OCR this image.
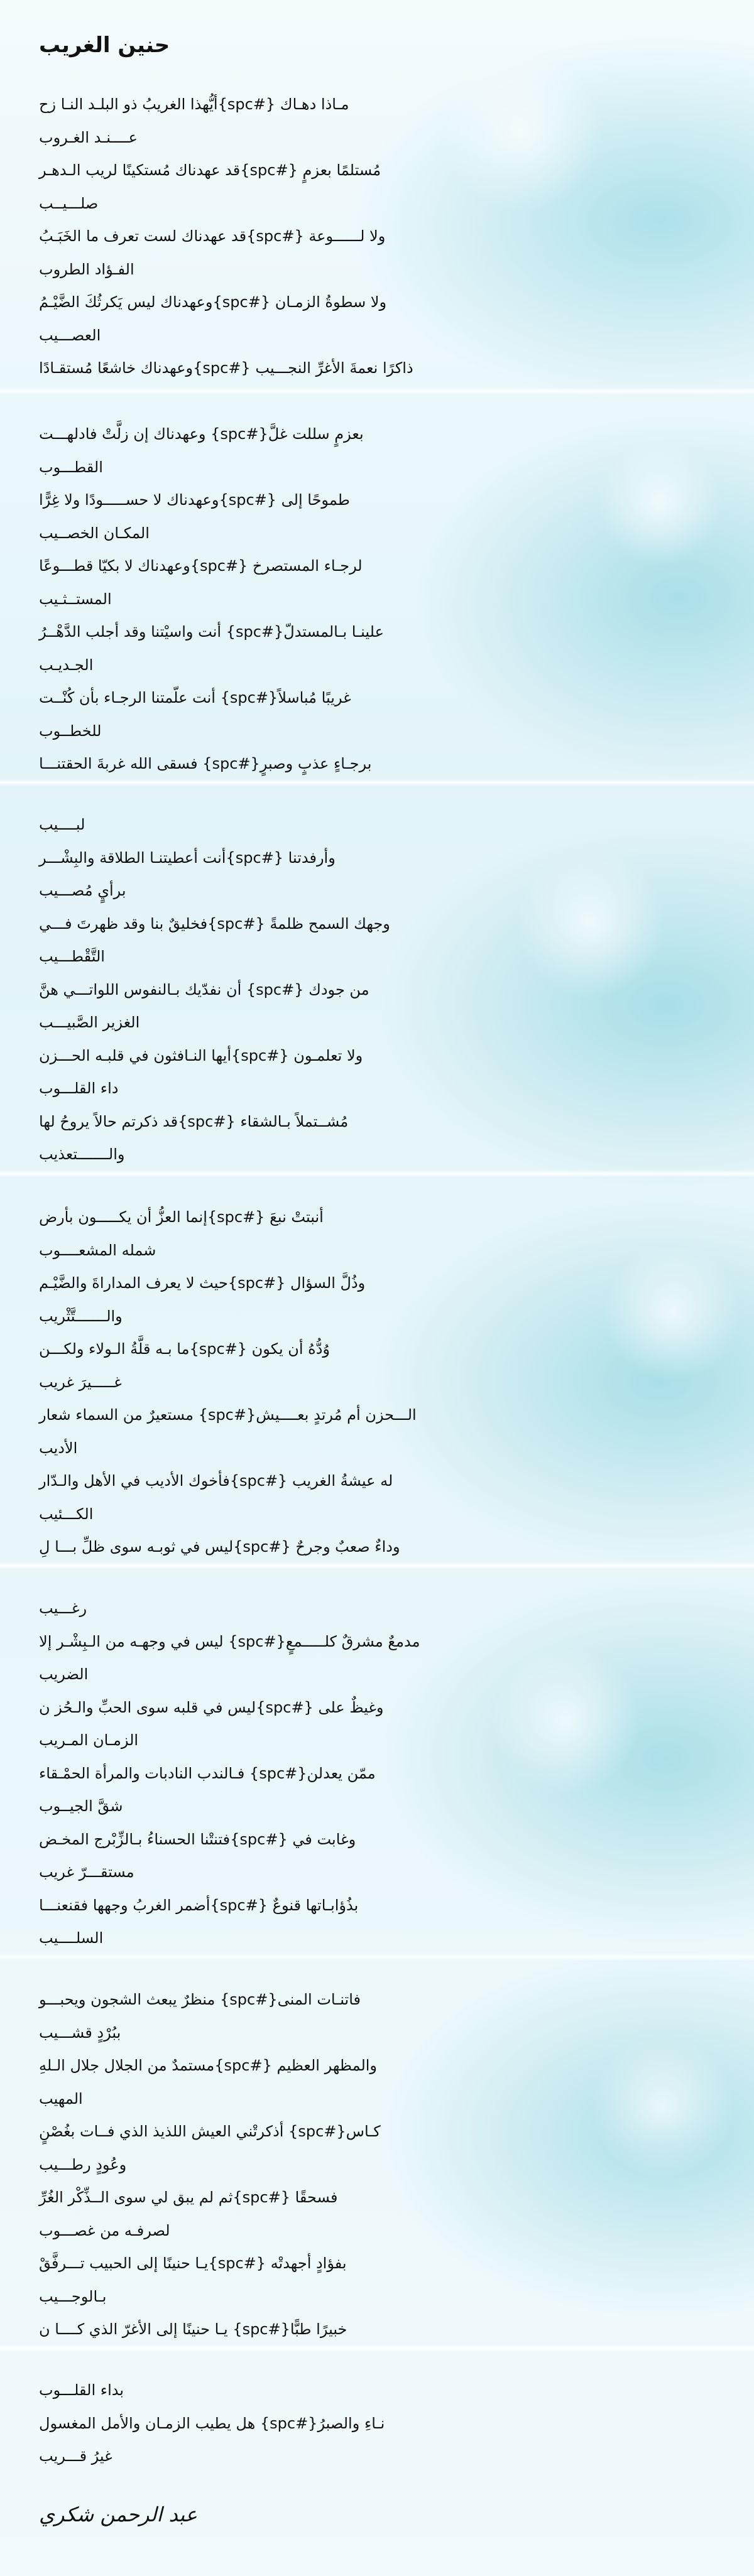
حنين الغريب
مـاذا دهـاك {#spc}أيُّهذا الغريبُ ذو البلـد النـا زح
عــــنـد الغـروب
مُستلمًا بعزمٍ {#spc}قد عهدناك مُستكينًا لريب الـدهـر
صلـــيــب
ولا لــــــوعة {#spc}قد عهدناك لست تعرف ما الخَبَـبُ
الفـؤاد الطروب
ولا سطوةُ الزمـان {#spc}وعهدناك ليس يَكرثُكَ الضَّيْـمُ
العصـــيب
ذاكرًا نعمةَ الأغرِّ النجـــيب {#spc}وعهدناك خاشعًا مُستقـادًا
بعزمٍ سللت غلَّ{#spc} وعهدناك إن زلَّتْ فادلهـــت
القطـــوب
طموحًا إلى {#spc}وعهدناك لا حســـــودًا ولا غِرًّا
المكـان الخصــيب
لرجـاء المستصرخ {#spc}وعهدناك لا بكيّا قطـــوعًا
المستــثـيب
علينـا بـالمستدلّ{#spc} أنت واسيْتنا وقد أجلب الدَّهْــرُ
الجـديـب
غريبًا مُباسلاً{#spc} أنت علّمتنا الرجـاء بأن كُنْــت
للخطــوب
برجـاءٍ عذبٍ وصبرٍ{#spc} فسقى الله غربةَ الحقتنـــا
لبــــيب
وأرفدتنا {#spc}أنت أعطيتنـا الطلاقة والبِشْـــر
برأيٍ مُصـــيب
وجهك السمح ظلمةً {#spc}فخليقٌ بنا وقد ظهرتَ فـــي
التَّقْطـــيب
من جودك {#spc} أن نفدّيك بـالنفوس اللواتـــي هنَّ
الغزير الصَّبيـــب
ولا تعلمـون {#spc}أيها النـافثون في قلبـه الحـــزن
داء القلـــوب
مُشــتملاً بـالشقاء {#spc}قد ذكرتم حالاً يروحُ لها
والـــــــتعذيب
أنبتتْ نبعَ {#spc}إنما العزُّ أن يكـــــون بأرض
شمله المشعــــوب
وذُلَّ السؤال {#spc}حيث لا يعرف المداراةَ والضَّيْـم
والـــــــتَّثْريب
وُدُّهُ أن يكون {#spc}ما بـه قلَّةُ الـولاء ولكـــن
غـــــيرَ غريب
الـــحزن أم مُرتدٍ بعــــيش{#spc} مستعيرٌ من السماء شعار
الأديب
له عيشةُ الغريب {#spc}فأخوك الأديب في الأهل والـدّار
الكـــئيب
وداءٌ صعبٌ وجرحٌ {#spc}ليس في ثوبـه سوى ظلِّ بـــا لِ
رغـــيب
مدمعٌ مشرقٌ كلـــــمعٍ{#spc} ليس في وجهـه من الـبِشْـر إلا
الضريب
وغيظٌ على {#spc}ليس في قلبه سوى الحبِّ والـحُز ن
الزمـان المـريب
ممّن يعدلن{#spc} فـالندب النادبات والمرأة الحمْـقاء
شقَّ الجيــوب
وغابت في {#spc}فتنتْنا الحسناءُ بـالزِّبْرج المخـض
مستقـــرّ غريب
بذُؤابـاتها قنوعٌ {#spc}أضمر الغربُ وجهها فقنعنـــا
السلــــيب
فاتنـات المنى{#spc} منظرٌ يبعث الشجون ويحبـــو
ببُرْدٍ قشـــيب
والمظهر العظيم {#spc}مستمدٌ من الجلال جلال الـلهِ
المهيب
كـاس{#spc} أذكرتْني العيش اللذيذ الذي فــات بغُصْنٍ
وعُودٍ رطـــيب
فسحقًا {#spc}ثم لم يبق لي سوى الــذِّكْر الغُرِّ
لصرفـه من غصـــوب
بفؤادٍ أجهدتْه {#spc}يـا حنينًا إلى الحبيب تـــرفَّقْ
بـالوجـــيب
خبيرًا طبًّا{#spc} يـا حنينًا إلى الأغرّ الذي كــــا ن
بداء القلـــوب
نـاءِ والصبرُ{#spc} هل يطيب الزمـان والأمل المغسول
غيرُ قـــريب
عبد الرحمن شكري
